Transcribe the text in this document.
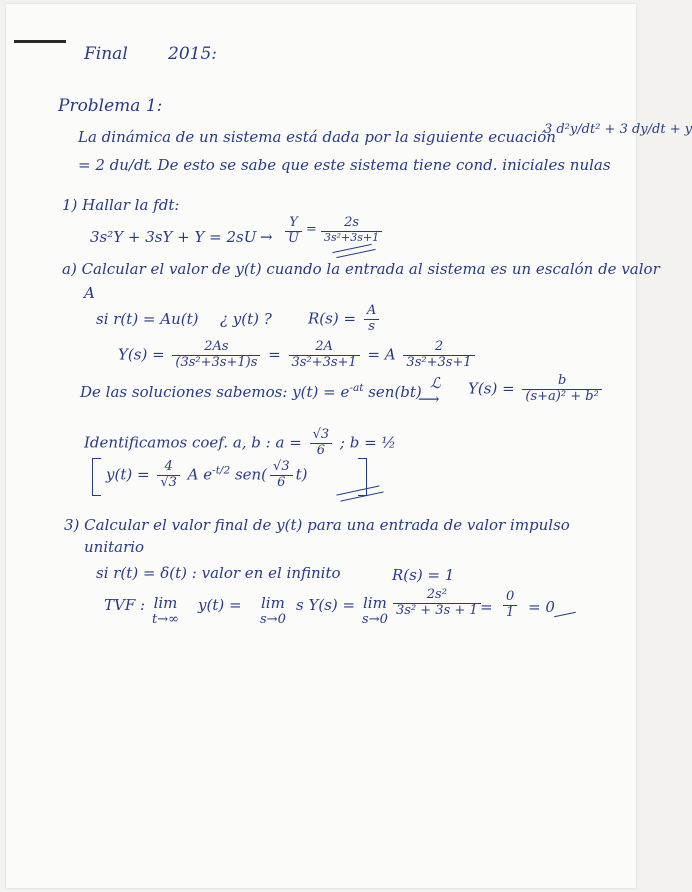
Final 2015:
Problema 1:
La dinámica de un sistema está dada por la siguiente ecuación
3 d²y/dt² + 3 dy/dt + y
= 2 du/dt
. De esto se sabe que este sistema tiene cond. iniciales nulas
1) Hallar la fdt:
$3s^2Y + 3sY + Y = 2sU \to \frac{Y}{U} = \frac{2s}{\text{3s²+3s+1}}$
a) Calcular el valor de y(t) cuando la entrada al sistema es un escalón de valor
A
si r(t) = Au(t) ¿ y(t) ? $R(s) = \frac{A}{s}$
$Y(s) = \frac{2As}{\text{(3s²+3s+1)s}} = \frac{2A}{\text{3s²+3s+1}} = A \frac{2}{\text{3s²+3s+1}}$
De las soluciones sabemos: $y(t) = e^{-at}$ sen(bt) ℒ
⟶
$Y(s) = \frac{b}{\text{(s+a)² + b²}}$
Identificamos coef. a, b : $a = \frac{√3}{6}$ ; b = ½
$y(t) = \frac{4}{√3}$ A $e^{-t/2}$ $sen( \frac{√3}{6} t)$
3) Calcular el valor final de y(t) para una entrada de valor impulso
unitario
si r(t) = δ(t) : valor en el infinito	R(s) = 1
TVF : lim
t→∞
y(t) = lim
s→0
s Y(s) = lim
s→0
$\frac{\text{2s²}}{\text{3s² + 3s + 1}} = \frac{0}{1} = 0$
